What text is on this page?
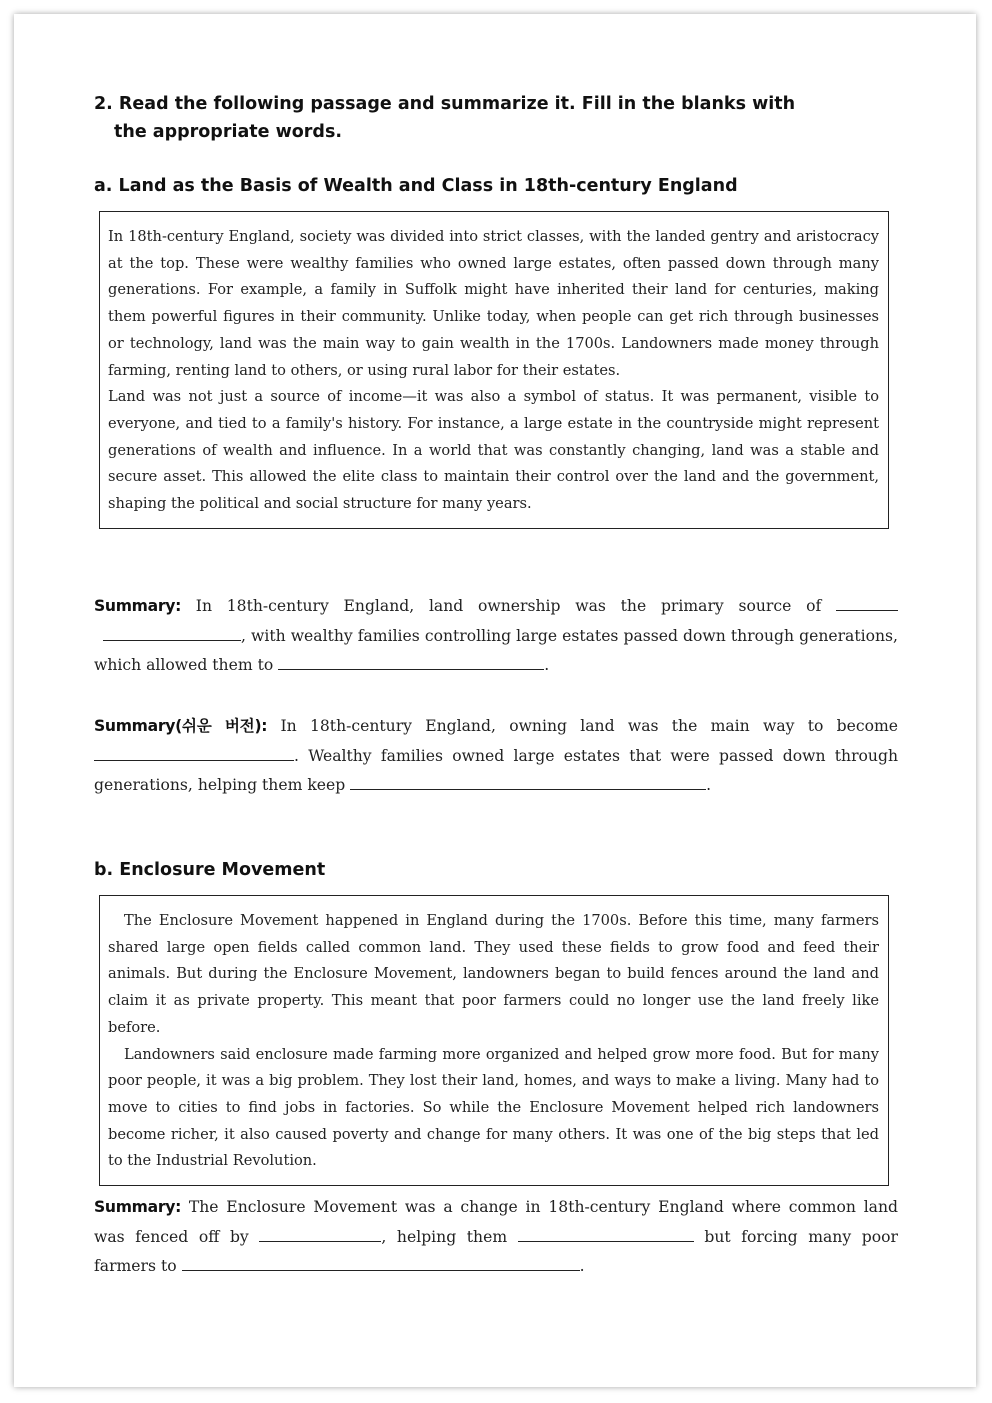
2. Read the following passage and summarize it. Fill in the blanks with
the appropriate words.
a. Land as the Basis of Wealth and Class in 18th-century England

In 18th-century England, society was divided into strict classes, with the landed gentry and aristocracy at the top. These were wealthy families who owned large estates, often passed down through many generations. For example, a family in Suffolk might have inherited their land for centuries, making them powerful figures in their community. Unlike today, when people can get rich through businesses or technology, land was the main way to gain wealth in the 1700s. Landowners made money through farming, renting land to others, or using rural labor for their estates.

Land was not just a source of income—it was also a symbol of status. It was permanent, visible to everyone, and tied to a family's history. For instance, a large estate in the countryside might represent generations of wealth and influence. In a world that was constantly changing, land was a stable and secure asset. This allowed the elite class to maintain their control over the land and the government, shaping the political and social structure for many years.

Summary: In 18th-century England, land ownership was the primary source of  , with wealthy families controlling large estates passed down through generations, which allowed them to	.
Summary(쉬운 버전): In 18th-century England, owning land was the main way to become . Wealthy families owned large estates that were passed down through generations, helping them keep	.
b. Enclosure Movement

The Enclosure Movement happened in England during the 1700s. Before this time, many farmers shared large open fields called common land. They used these fields to grow food and feed their animals. But during the Enclosure Movement, landowners began to build fences around the land and claim it as private property. This meant that poor farmers could no longer use the land freely like before.

Landowners said enclosure made farming more organized and helped grow more food. But for many poor people, it was a big problem. They lost their land, homes, and ways to make a living. Many had to move to cities to find jobs in factories. So while the Enclosure Movement helped rich landowners become richer, it also caused poverty and change for many others. It was one of the big steps that led to the Industrial Revolution.

Summary: The Enclosure Movement was a change in 18th-century England where common land was fenced off by	, helping them	but forcing many poor farmers to	.
